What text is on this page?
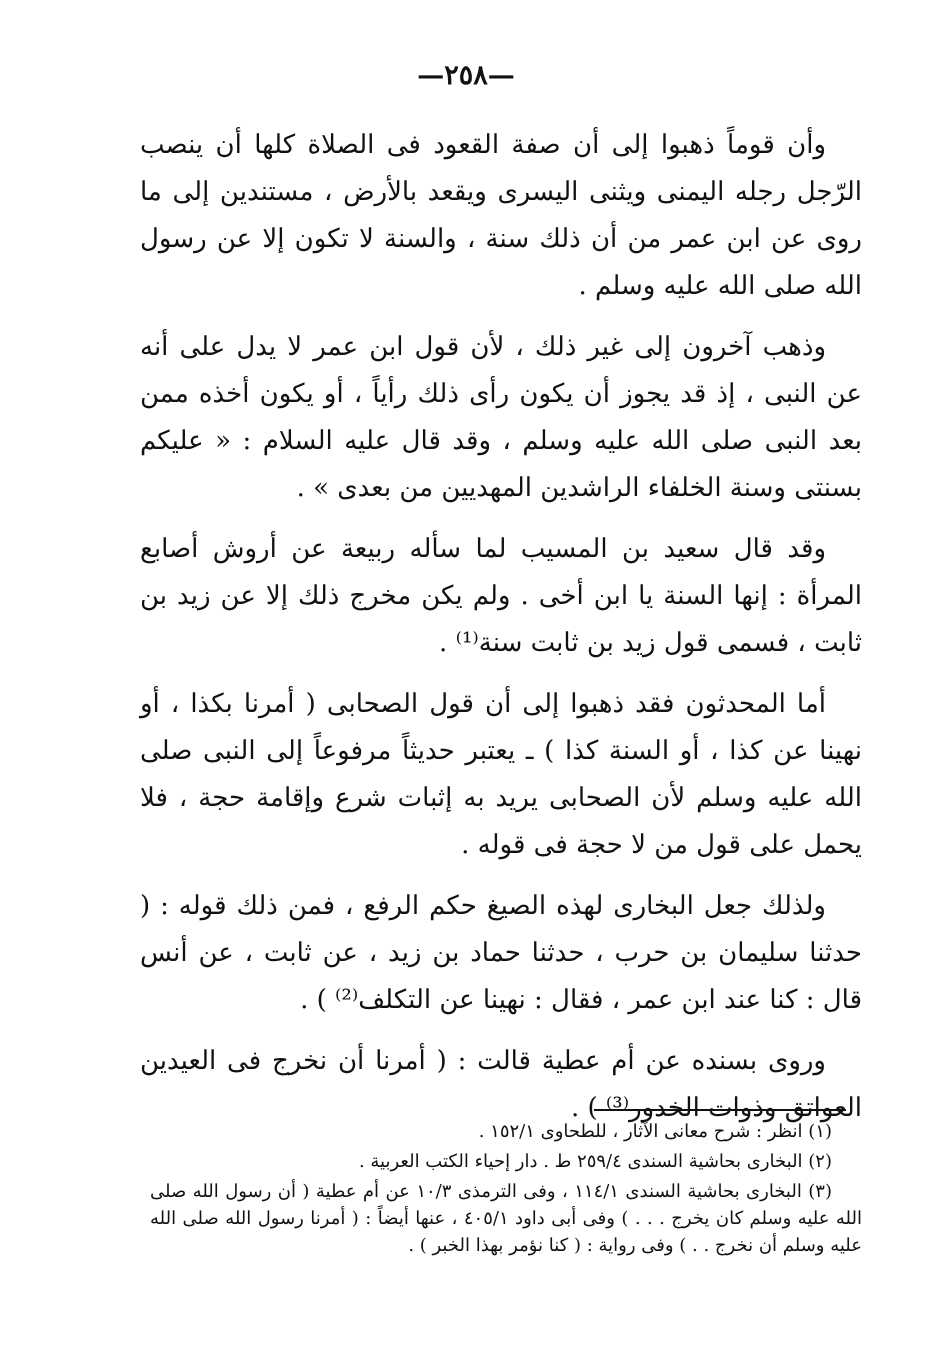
—٢٥٨—

وأن قوماً ذهبوا إلى أن صفة القعود فى الصلاة كلها أن ينصب الرّجل رجله اليمنى ويثنى اليسرى ويقعد بالأرض ، مستندين إلى ما روى عن ابن عمر من أن ذلك سنة ، والسنة لا تكون إلا عن رسول الله صلى الله عليه وسلم .

وذهب آخرون إلى غير ذلك ، لأن قول ابن عمر لا يدل على أنه عن النبى ، إذ قد يجوز أن يكون رأى ذلك رأياً ، أو يكون أخذه ممن بعد النبى صلى الله عليه وسلم ، وقد قال عليه السلام : « عليكم بسنتى وسنة الخلفاء الراشدين المهديين من بعدى » .

وقد قال سعيد بن المسيب لما سأله ربيعة عن أروش أصابع المرأة : إنها السنة يا ابن أخى . ولم يكن مخرج ذلك إلا عن زيد بن ثابت ، فسمى قول زيد بن ثابت سنة⁽¹⁾ .

أما المحدثون فقد ذهبوا إلى أن قول الصحابى ( أمرنا بكذا ، أو نهينا عن كذا ، أو السنة كذا ) ـ يعتبر حديثاً مرفوعاً إلى النبى صلى الله عليه وسلم لأن الصحابى يريد به إثبات شرع وإقامة حجة ، فلا يحمل على قول من لا حجة فى قوله .

ولذلك جعل البخارى لهذه الصيغ حكم الرفع ، فمن ذلك قوله : ( حدثنا سليمان بن حرب ، حدثنا حماد بن زيد ، عن ثابت ، عن أنس قال : كنا عند ابن عمر ، فقال : نهينا عن التكلف⁽²⁾ ) .

وروى بسنده عن أم عطية قالت : ( أمرنا أن نخرج فى العيدين العواتق وذوات الخدور⁽³⁾ ) .

(١) انظر : شرح معانى الآثار ، للطحاوى ١٥٢/١ .

(٢) البخارى بحاشية السندى ٢٥٩/٤ ط . دار إحياء الكتب العربية .

(٣) البخارى بحاشية السندى ١١٤/١ ، وفى الترمذى ١٠/٣ عن أم عطية ( أن رسول الله صلى الله عليه وسلم كان يخرج . . . ) وفى أبى داود ٤٠٥/١ ، عنها أيضاً : ( أمرنا رسول الله صلى الله عليه وسلم أن نخرج . . ) وفى رواية : ( كنا نؤمر بهذا الخبر ) .
